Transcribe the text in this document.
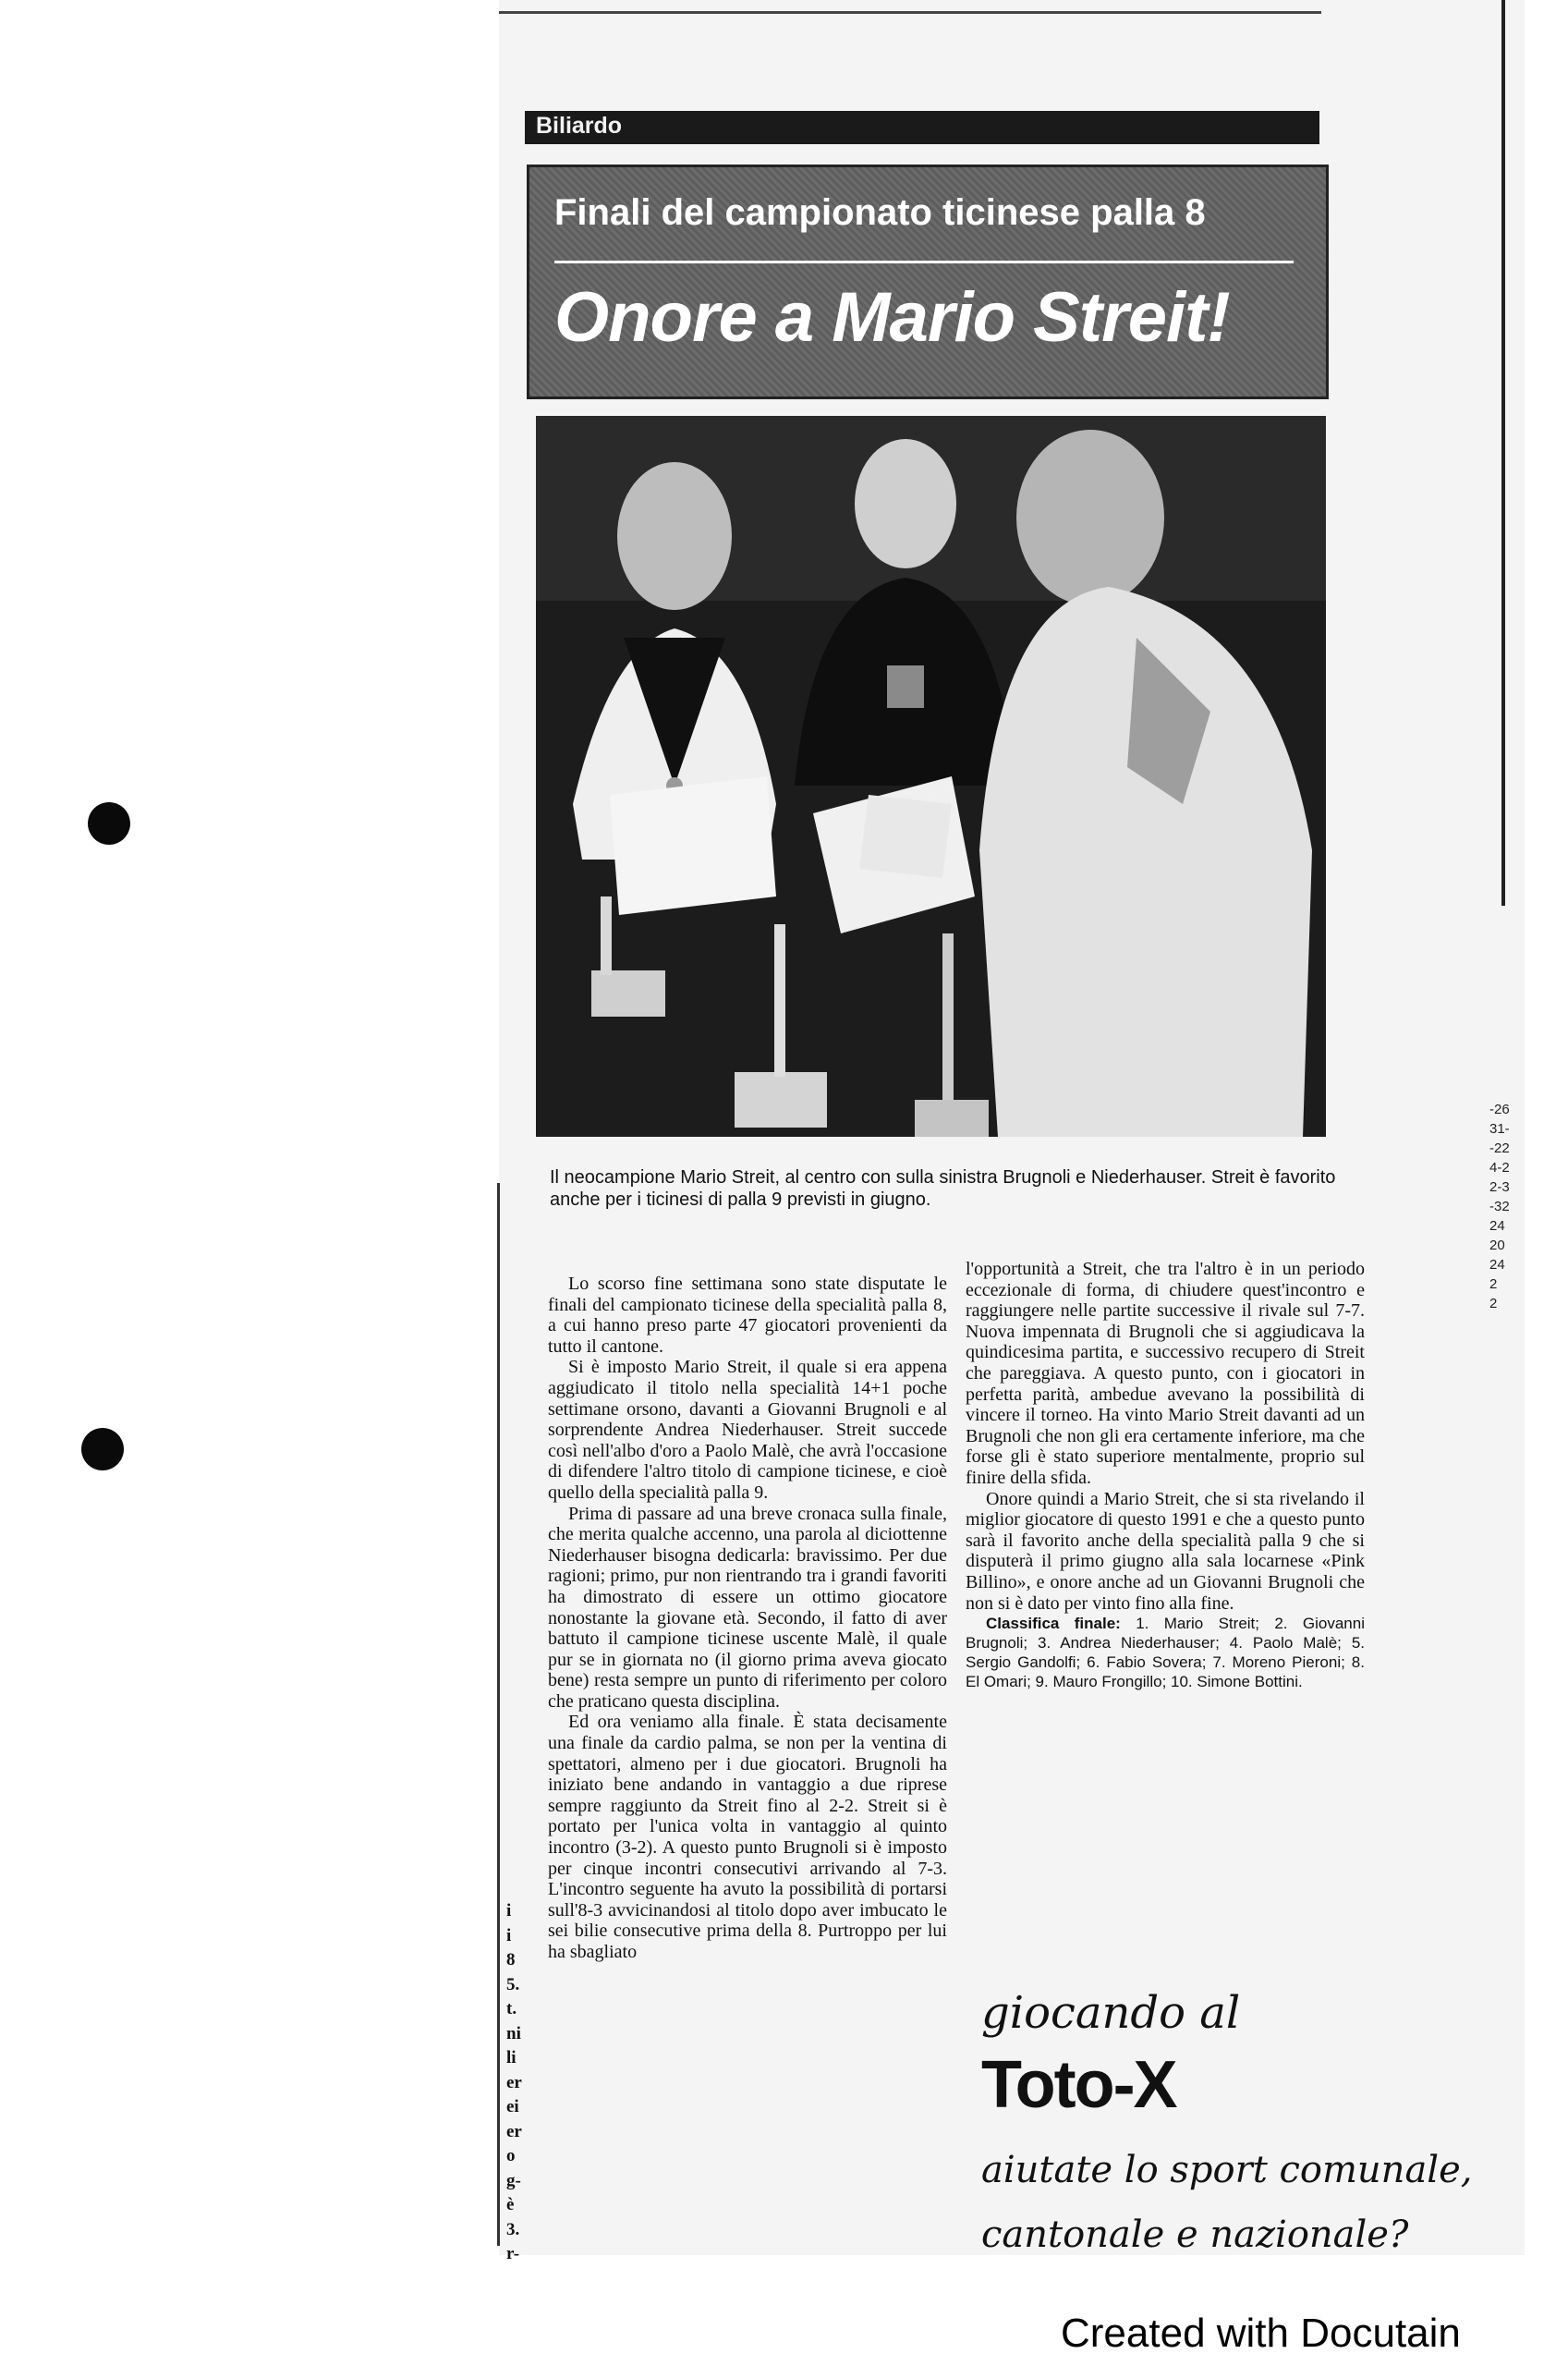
Biliardo
Finali del campionato ticinese palla 8
Onore a Mario Streit!
Il neocampione Mario Streit, al centro con sulla sinistra Brugnoli e Niederhauser. Streit è favorito anche per i ticinesi di palla 9 previsti in giugno.

Lo scorso fine settimana sono state disputate le finali del campionato ticinese della specialità palla 8, a cui hanno preso parte 47 giocatori provenienti da tutto il cantone.

Si è imposto Mario Streit, il quale si era appena aggiudicato il titolo nella specialità 14+1 poche settimane orsono, davanti a Giovanni Brugnoli e al sorprendente Andrea Niederhauser. Streit succede così nell'albo d'oro a Paolo Malè, che avrà l'occasione di difendere l'altro titolo di campione ticinese, e cioè quello della specialità palla 9.

Prima di passare ad una breve cronaca sulla finale, che merita qualche accenno, una parola al diciottenne Niederhauser bisogna dedicarla: bravissimo. Per due ragioni; primo, pur non rientrando tra i grandi favoriti ha dimostrato di essere un ottimo giocatore nonostante la giovane età. Secondo, il fatto di aver battuto il campione ticinese uscente Malè, il quale pur se in giornata no (il giorno prima aveva giocato bene) resta sempre un punto di riferimento per coloro che praticano questa disciplina.

Ed ora veniamo alla finale. È stata decisamente una finale da cardio palma, se non per la ventina di spettatori, almeno per i due giocatori. Brugnoli ha iniziato bene andando in vantaggio a due riprese sempre raggiunto da Streit fino al 2-2. Streit si è portato per l'unica volta in vantaggio al quinto incontro (3-2). A questo punto Brugnoli si è imposto per cinque incontri consecutivi arrivando al 7-3. L'incontro seguente ha avuto la possibilità di portarsi sull'8-3 avvicinandosi al titolo dopo aver imbucato le sei bilie consecutive prima della 8. Purtroppo per lui ha sbagliato

l'opportunità a Streit, che tra l'altro è in un periodo eccezionale di forma, di chiudere quest'incontro e raggiungere nelle partite successive il rivale sul 7-7. Nuova impennata di Brugnoli che si aggiudicava la quindicesima partita, e successivo recupero di Streit che pareggiava. A questo punto, con i giocatori in perfetta parità, ambedue avevano la possibilità di vincere il torneo. Ha vinto Mario Streit davanti ad un Brugnoli che non gli era certamente inferiore, ma che forse gli è stato superiore mentalmente, proprio sul finire della sfida.

Onore quindi a Mario Streit, che si sta rivelando il miglior giocatore di questo 1991 e che a questo punto sarà il favorito anche della specialità palla 9 che si disputerà il primo giugno alla sala locarnese «Pink Billino», e onore anche ad un Giovanni Brugnoli che non si è dato per vinto fino alla fine.

Classifica finale: 1. Mario Streit; 2. Giovanni Brugnoli; 3. Andrea Niederhauser; 4. Paolo Malè; 5. Sergio Gandolfi; 6. Fabio Sovera; 7. Moreno Pieroni; 8. El Omari; 9. Mauro Frongillo; 10. Simone Bottini.

giocando al
Toto-X
aiutate lo sport comunale,
cantonale e nazionale?
i
i
8
5.
t.
ni
li
er
ei
er
o
g-
è
3.
r-
-26
31-
-22
4-2
2-3
-32
24
20
24
2
2
Created with Docutain
